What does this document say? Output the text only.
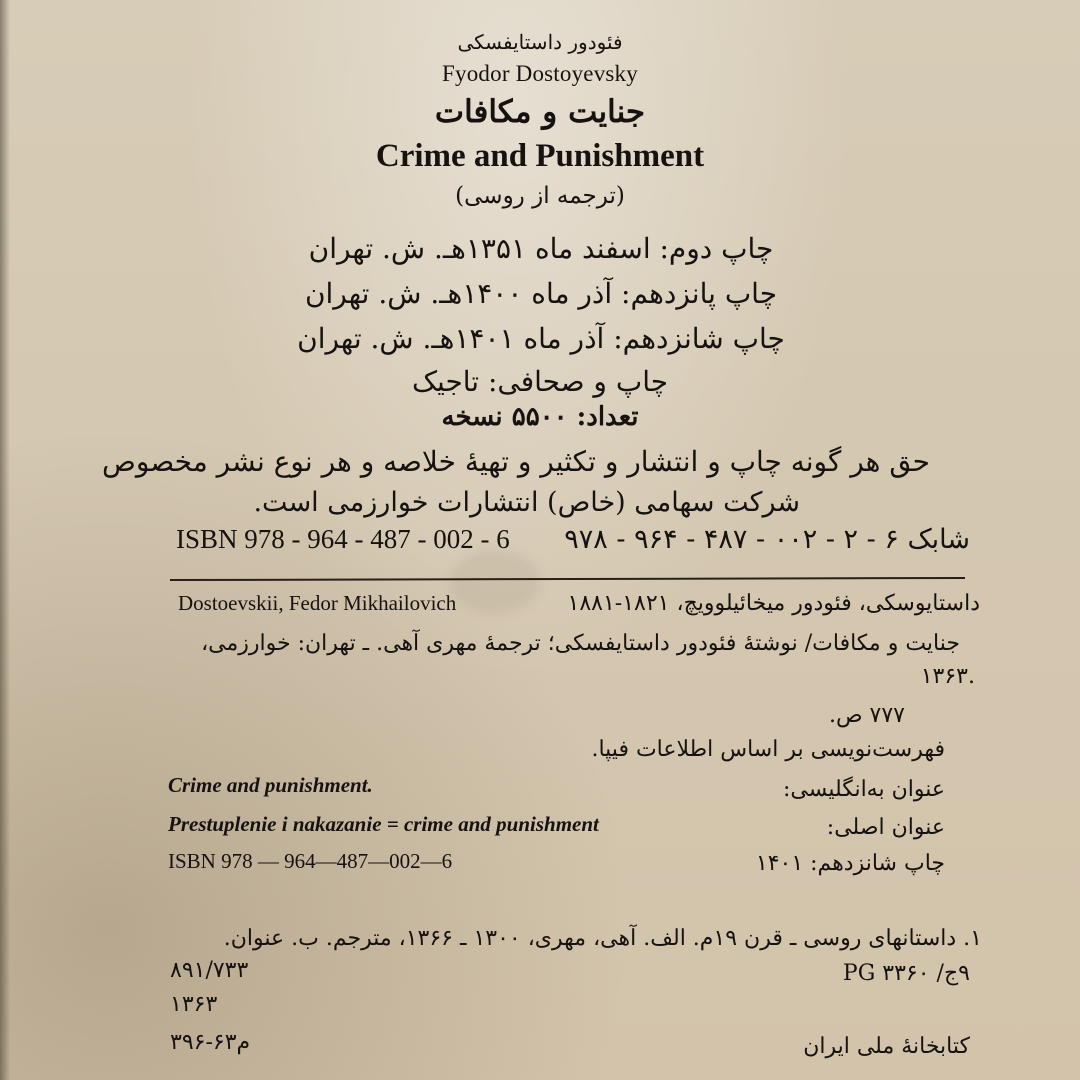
فئودور داستایفسکی
Fyodor Dostoyevsky
جنایت و مکافات
Crime and Punishment
(ترجمه از روسی)
چاپ دوم: اسفند ماه ۱۳۵۱هـ. ش. تهران
چاپ پانزدهم: آذر ماه ۱۴۰۰هـ. ش. تهران
چاپ شانزدهم: آذر ماه ۱۴۰۱هـ. ش. تهران
چاپ و صحافی: تاجیک
تعداد: ۵۵۰۰ نسخه
حق هر گونه چاپ و انتشار و تکثیر و تهیهٔ خلاصه و هر نوع نشر مخصوص
شرکت سهامی (خاص) انتشارات خوارزمی است.
شابک ۶ - ۲ - ۰۰۲ - ۴۸۷ - ۹۶۴ - ۹۷۸
ISBN 978 - 964 - 487 - 002 - 6
Dostoevskii, Fedor Mikhailovich	داستایوسکی، فئودور میخائیلوویچ، ۱۸۲۱-۱۸۸۱
جنایت و مکافات/ نوشتهٔ فئودور داستایفسکی؛ ترجمهٔ مهری آهی. ـ تهران: خوارزمی،
۱۳۶۳.
۷۷۷ ص.
فهرست‌نویسی بر اساس اطلاعات فیپا.
Crime and punishment.	عنوان به‌انگلیسی:
Prestuplenie i nakazanie = crime and punishment	عنوان اصلی:
ISBN 978 — 964—487—002—6	چاپ شانزدهم: ۱۴۰۱
۱. داستانهای روسی ـ قرن ۱۹م. الف. آهی، مهری، ۱۳۰۰ ـ ۱۳۶۶، مترجم. ب. عنوان.
۹ج/ ۳۳۶۰ PG
۸۹۱/۷۳۳
۱۳۶۳
کتابخانهٔ ملی ایران
م۶۳-۳۹۶
